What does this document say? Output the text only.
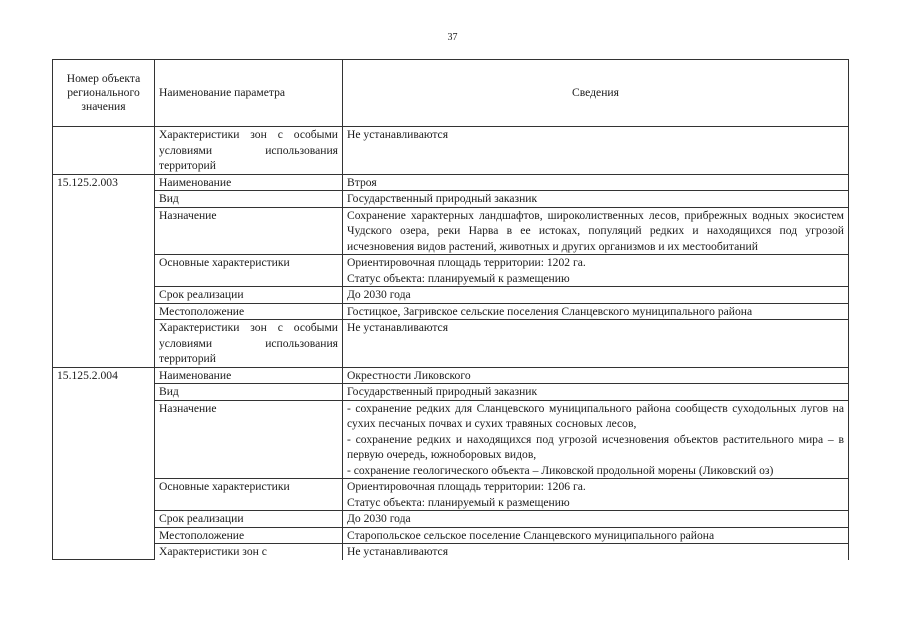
37
Номер объекта регионального значения	Наименование параметра	Сведения
	Характеристики зон с особыми условиями использования территорий	Не устанавливаются

15.125.2.003	Наименование	Втроя

	Вид	Государственный природный заказник

	Назначение	Сохранение характерных ландшафтов, широколиственных лесов, прибрежных водных экосистем Чудского озера, реки Нарва в ее истоках, популяций редких и находящихся под угрозой исчезновения видов растений, животных и других организмов и их местообитаний

	Основные характеристики	Ориентировочная площадь территории: 1202 га.
Статус объекта: планируемый к размещению

	Срок реализации	До 2030 года

	Местоположение	Гостицкое, Загривское сельские поселения Сланцевского муниципального района

	Характеристики зон с особыми условиями использования территорий	Не устанавливаются

15.125.2.004	Наименование	Окрестности Ликовского

	Вид	Государственный природный заказник

	Назначение	- сохранение редких для Сланцевского муниципального района сообществ суходольных лугов на сухих песчаных почвах и сухих травяных сосновых лесов,
- сохранение редких и находящихся под угрозой исчезновения объектов растительного мира – в первую очередь, южноборовых видов,
- сохранение геологического объекта – Ликовской продольной морены (Ликовский оз)

	Основные характеристики	Ориентировочная площадь территории: 1206 га.
Статус объекта: планируемый к размещению

	Срок реализации	До 2030 года

	Местоположение	Старопольское сельское поселение Сланцевского муниципального района

	Характеристики зон с	Не устанавливаются
